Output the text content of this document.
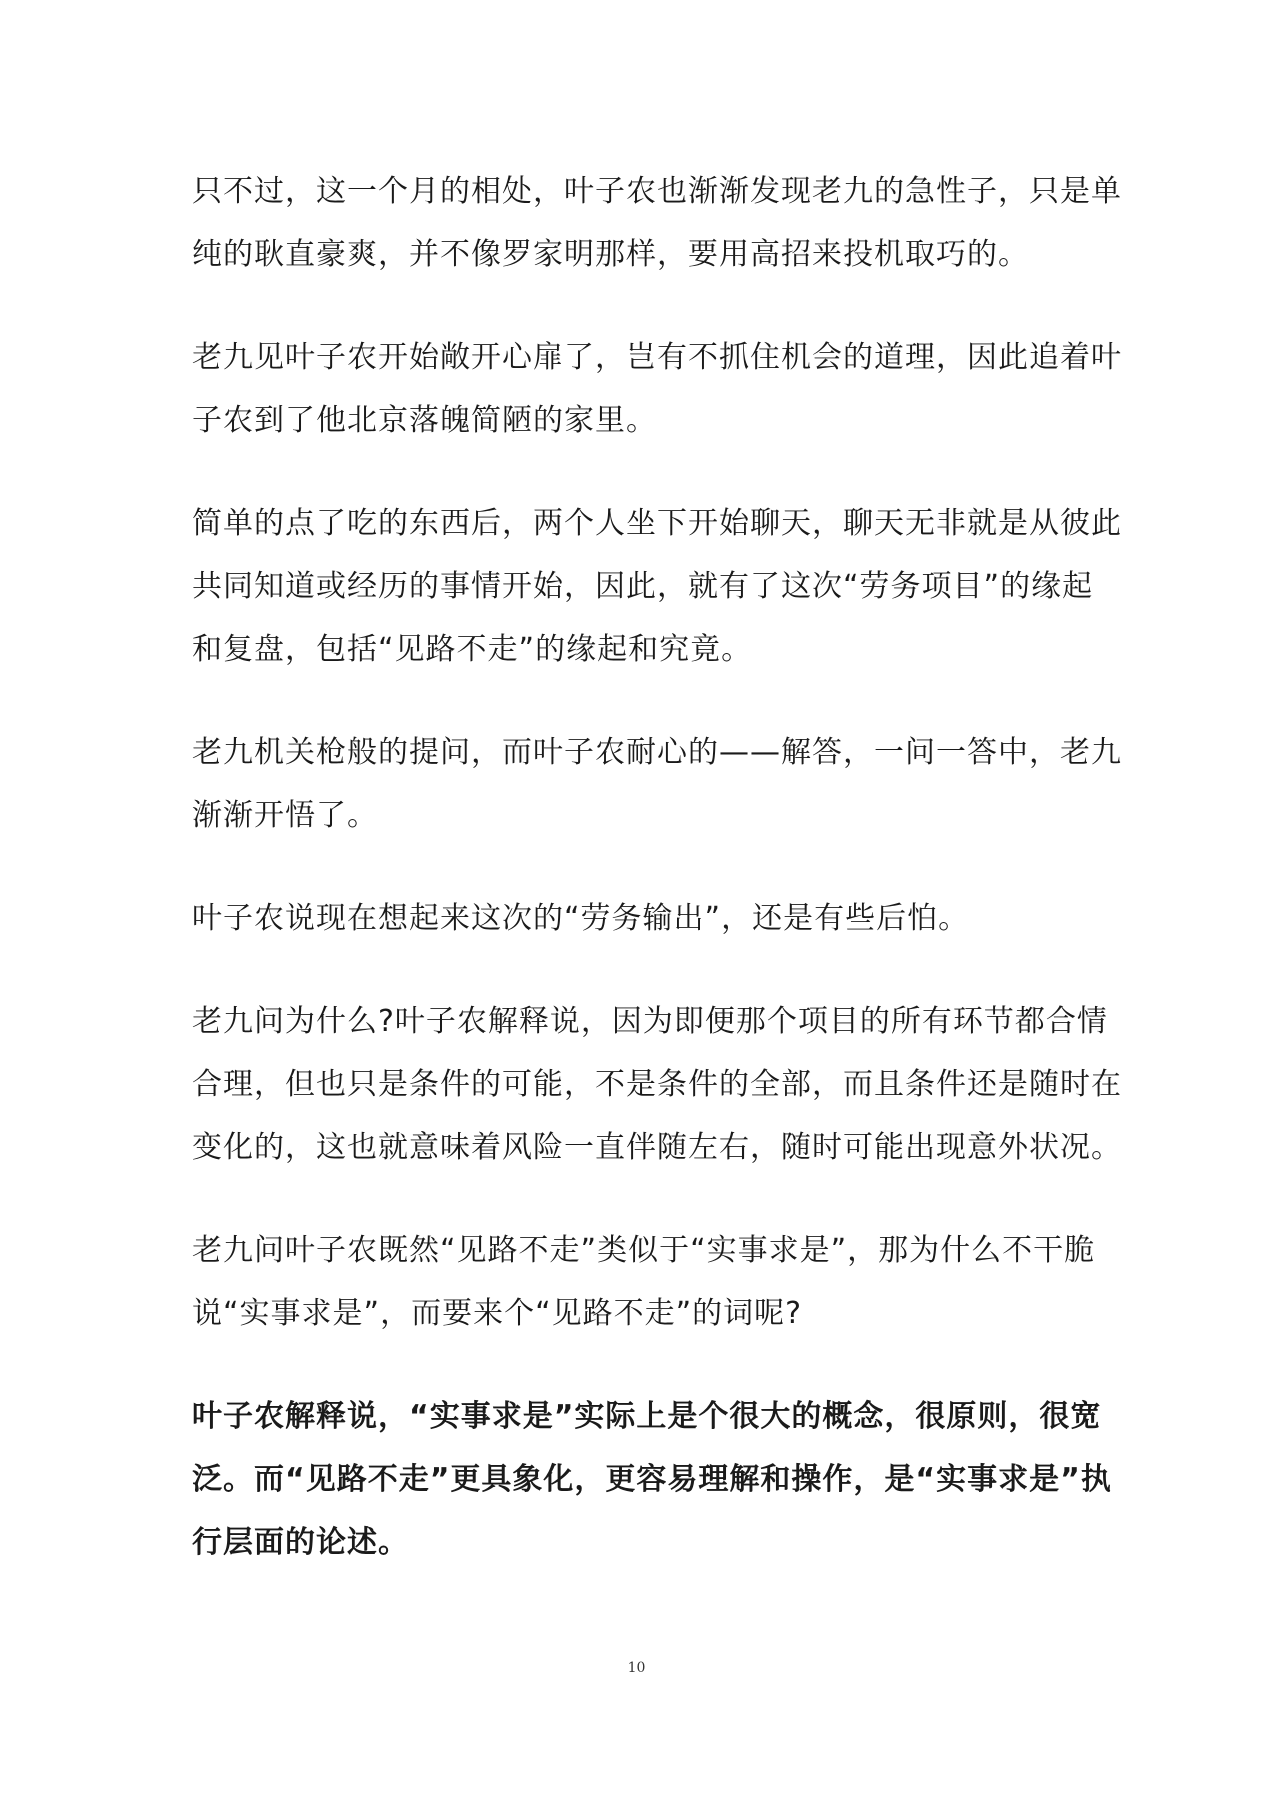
只不过，这一个月的相处，叶子农也渐渐发现老九的急性子，只是单纯的耿直豪爽，并不像罗家明那样，要用高招来投机取巧的。

老九见叶子农开始敞开心扉了，岂有不抓住机会的道理，因此追着叶子农到了他北京落魄简陋的家里。

简单的点了吃的东西后，两个人坐下开始聊天，聊天无非就是从彼此共同知道或经历的事情开始，因此，就有了这次“劳务项目”的缘起和复盘，包括“见路不走”的缘起和究竟。

老九机关枪般的提问，而叶子农耐心的——解答，一问一答中，老九渐渐开悟了。

叶子农说现在想起来这次的“劳务输出”，还是有些后怕。

老九问为什么?叶子农解释说，因为即便那个项目的所有环节都合情合理，但也只是条件的可能，不是条件的全部，而且条件还是随时在变化的，这也就意味着风险一直伴随左右，随时可能出现意外状况。

老九问叶子农既然“见路不走”类似于“实事求是”，那为什么不干脆说“实事求是”，而要来个“见路不走”的词呢?

叶子农解释说，“实事求是”实际上是个很大的概念，很原则，很宽泛。而“见路不走”更具象化，更容易理解和操作，是“实事求是”执行层面的论述。

10
